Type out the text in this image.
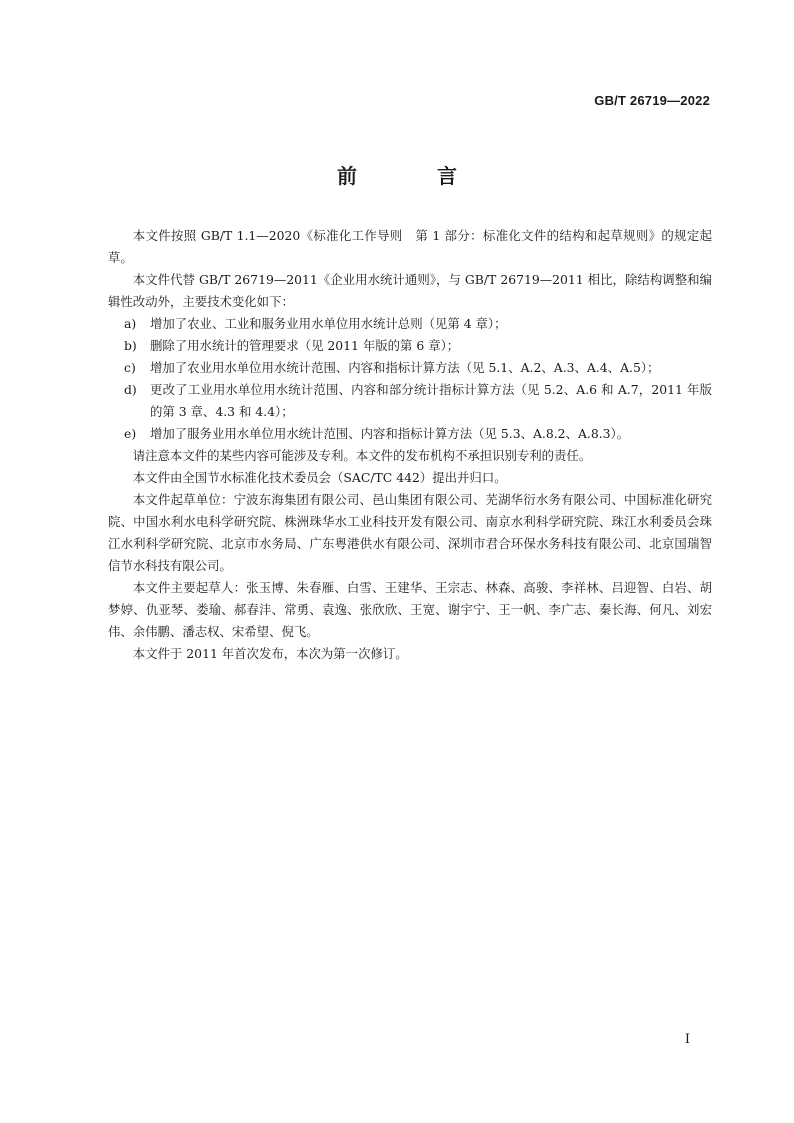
GB/T 26719—2022
前　言

本文件按照 GB/T 1.1—2020《标准化工作导则　第 1 部分：标准化文件的结构和起草规则》的规定起草。

本文件代替 GB/T 26719—2011《企业用水统计通则》，与 GB/T 26719—2011 相比，除结构调整和编辑性改动外，主要技术变化如下：

a)	增加了农业、工业和服务业用水单位用水统计总则（见第 4 章）；
b)	删除了用水统计的管理要求（见 2011 年版的第 6 章）；
c)	增加了农业用水单位用水统计范围、内容和指标计算方法（见 5.1、A.2、A.3、A.4、A.5）；
d)	更改了工业用水单位用水统计范围、内容和部分统计指标计算方法（见 5.2、A.6 和 A.7，2011 年版的第 3 章、4.3 和 4.4）；
e)	增加了服务业用水单位用水统计范围、内容和指标计算方法（见 5.3、A.8.2、A.8.3）。

请注意本文件的某些内容可能涉及专利。本文件的发布机构不承担识别专利的责任。

本文件由全国节水标准化技术委员会（SAC/TC 442）提出并归口。

本文件起草单位：宁波东海集团有限公司、邑山集团有限公司、芜湖华衍水务有限公司、中国标准化研究院、中国水利水电科学研究院、株洲珠华水工业科技开发有限公司、南京水利科学研究院、珠江水利委员会珠江水利科学研究院、北京市水务局、广东粤港供水有限公司、深圳市君合环保水务科技有限公司、北京国瑞智信节水科技有限公司。

本文件主要起草人：张玉博、朱春雁、白雪、王建华、王宗志、林森、高骏、李祥林、吕迎智、白岩、胡梦婷、仇亚琴、娄瑜、郝春沣、常勇、袁逸、张欣欣、王宽、谢宇宁、王一帆、李广志、秦长海、何凡、刘宏伟、余伟鹏、潘志权、宋希望、倪飞。

本文件于 2011 年首次发布，本次为第一次修订。

I
